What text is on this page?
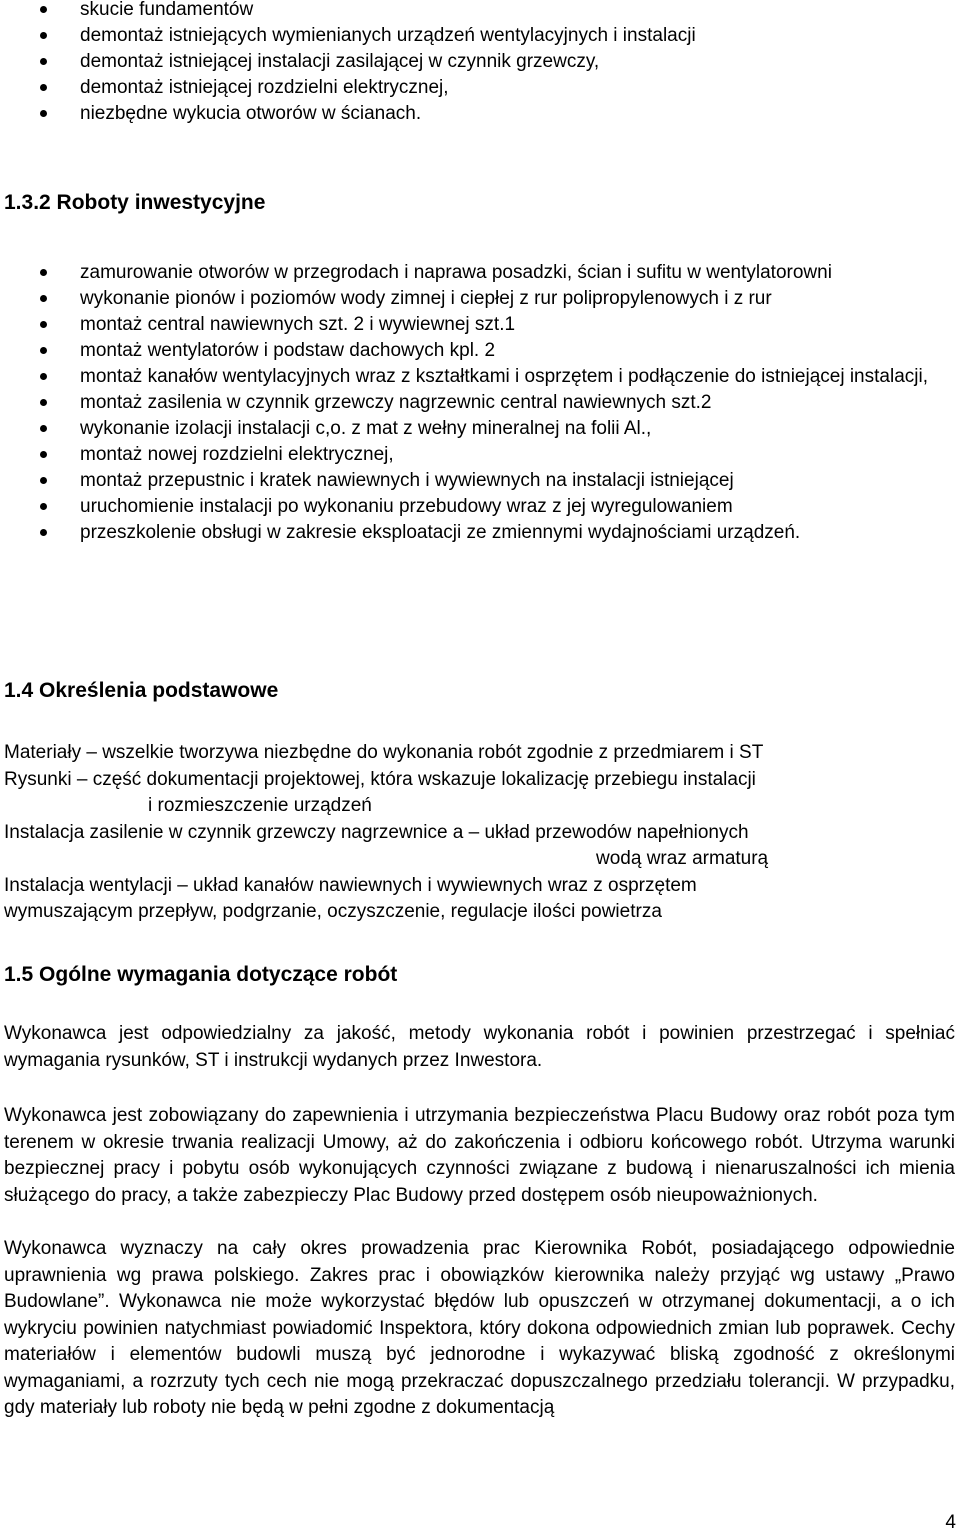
skucie fundamentów
demontaż istniejących wymienianych urządzeń wentylacyjnych i instalacji
demontaż istniejącej instalacji zasilającej w czynnik grzewczy,
demontaż istniejącej rozdzielni elektrycznej,
niezbędne wykucia otworów w ścianach.
1.3.2 Roboty inwestycyjne
zamurowanie otworów w przegrodach i naprawa posadzki, ścian i sufitu w wentylatorowni
wykonanie pionów i poziomów wody zimnej i ciepłej z rur polipropylenowych i z rur
montaż central nawiewnych szt. 2 i wywiewnej szt.1
montaż wentylatorów i podstaw dachowych kpl. 2
montaż kanałów wentylacyjnych wraz z kształtkami i osprzętem i podłączenie do istniejącej instalacji,
montaż zasilenia w czynnik grzewczy nagrzewnic central nawiewnych szt.2
wykonanie izolacji instalacji c,o. z mat z wełny mineralnej na folii Al.,
montaż nowej rozdzielni elektrycznej,
montaż przepustnic i kratek nawiewnych i wywiewnych na instalacji istniejącej
uruchomienie instalacji po wykonaniu przebudowy wraz z jej wyregulowaniem
przeszkolenie obsługi w zakresie eksploatacji ze zmiennymi wydajnościami urządzeń.
1.4 Określenia podstawowe
Materiały – wszelkie tworzywa niezbędne do wykonania robót zgodnie z przedmiarem i ST
Rysunki – część dokumentacji projektowej, która wskazuje lokalizację przebiegu instalacji
i rozmieszczenie urządzeń
Instalacja zasilenie w czynnik grzewczy nagrzewnice a – układ przewodów napełnionych
wodą wraz armaturą
Instalacja wentylacji – układ kanałów nawiewnych i wywiewnych wraz z osprzętem
wymuszającym przepływ, podgrzanie, oczyszczenie, regulacje ilości powietrza
1.5 Ogólne wymagania dotyczące robót
Wykonawca jest odpowiedzialny za jakość, metody wykonania robót i powinien przestrzegać i spełniać wymagania rysunków, ST i instrukcji wydanych przez Inwestora.
Wykonawca jest zobowiązany do zapewnienia i utrzymania bezpieczeństwa Placu Budowy oraz robót poza tym terenem w okresie trwania realizacji Umowy, aż do zakończenia i odbioru końcowego robót. Utrzyma warunki bezpiecznej pracy i pobytu osób wykonujących czynności związane z budową i nienaruszalności ich mienia służącego do pracy, a także zabezpieczy Plac Budowy przed dostępem osób nieupoważnionych.
Wykonawca wyznaczy na cały okres prowadzenia prac Kierownika Robót, posiadającego odpowiednie uprawnienia wg prawa polskiego. Zakres prac i obowiązków kierownika należy przyjąć wg ustawy „Prawo Budowlane”. Wykonawca nie może wykorzystać błędów lub opuszczeń w otrzymanej dokumentacji, a o ich wykryciu powinien natychmiast powiadomić Inspektora, który dokona odpowiednich zmian lub poprawek. Cechy materiałów i elementów budowli muszą być jednorodne i wykazywać bliską zgodność z określonymi wymaganiami, a rozrzuty tych cech nie mogą przekraczać dopuszczalnego przedziału tolerancji. W przypadku, gdy materiały lub roboty nie będą w pełni zgodne z dokumentacją
4
